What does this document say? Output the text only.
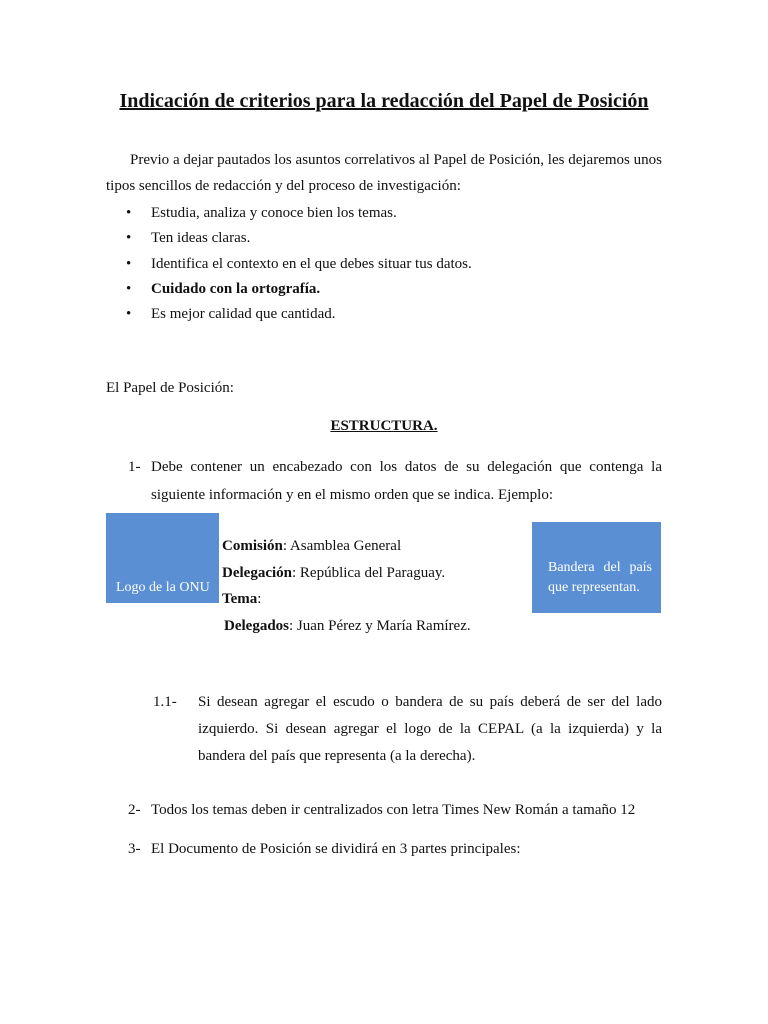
Indicación de criterios para la redacción del Papel de Posición
Previo a dejar pautados los asuntos correlativos al Papel de Posición, les dejaremos unos tipos sencillos de redacción y del proceso de investigación:
• Estudia, analiza y conoce bien los temas.
• Ten ideas claras.
• Identifica el contexto en el que debes situar tus datos.
• Cuidado con la ortografía.
• Es mejor calidad que cantidad.
El Papel de Posición:
ESTRUCTURA.
1- Debe contener un encabezado con los datos de su delegación que contenga la siguiente información y en el mismo orden que se indica. Ejemplo:
Logo de la ONU
Comisión: Asamblea General
Delegación: República del Paraguay.
Tema:
Delegados: Juan Pérez y María Ramírez.
Bandera del país que representan.
1.1- Si desean agregar el escudo o bandera de su país deberá de ser del lado izquierdo. Si desean agregar el logo de la CEPAL (a la izquierda) y la bandera del país que representa (a la derecha).
2- Todos los temas deben ir centralizados con letra Times New Román a tamaño 12
3- El Documento de Posición se dividirá en 3 partes principales:
